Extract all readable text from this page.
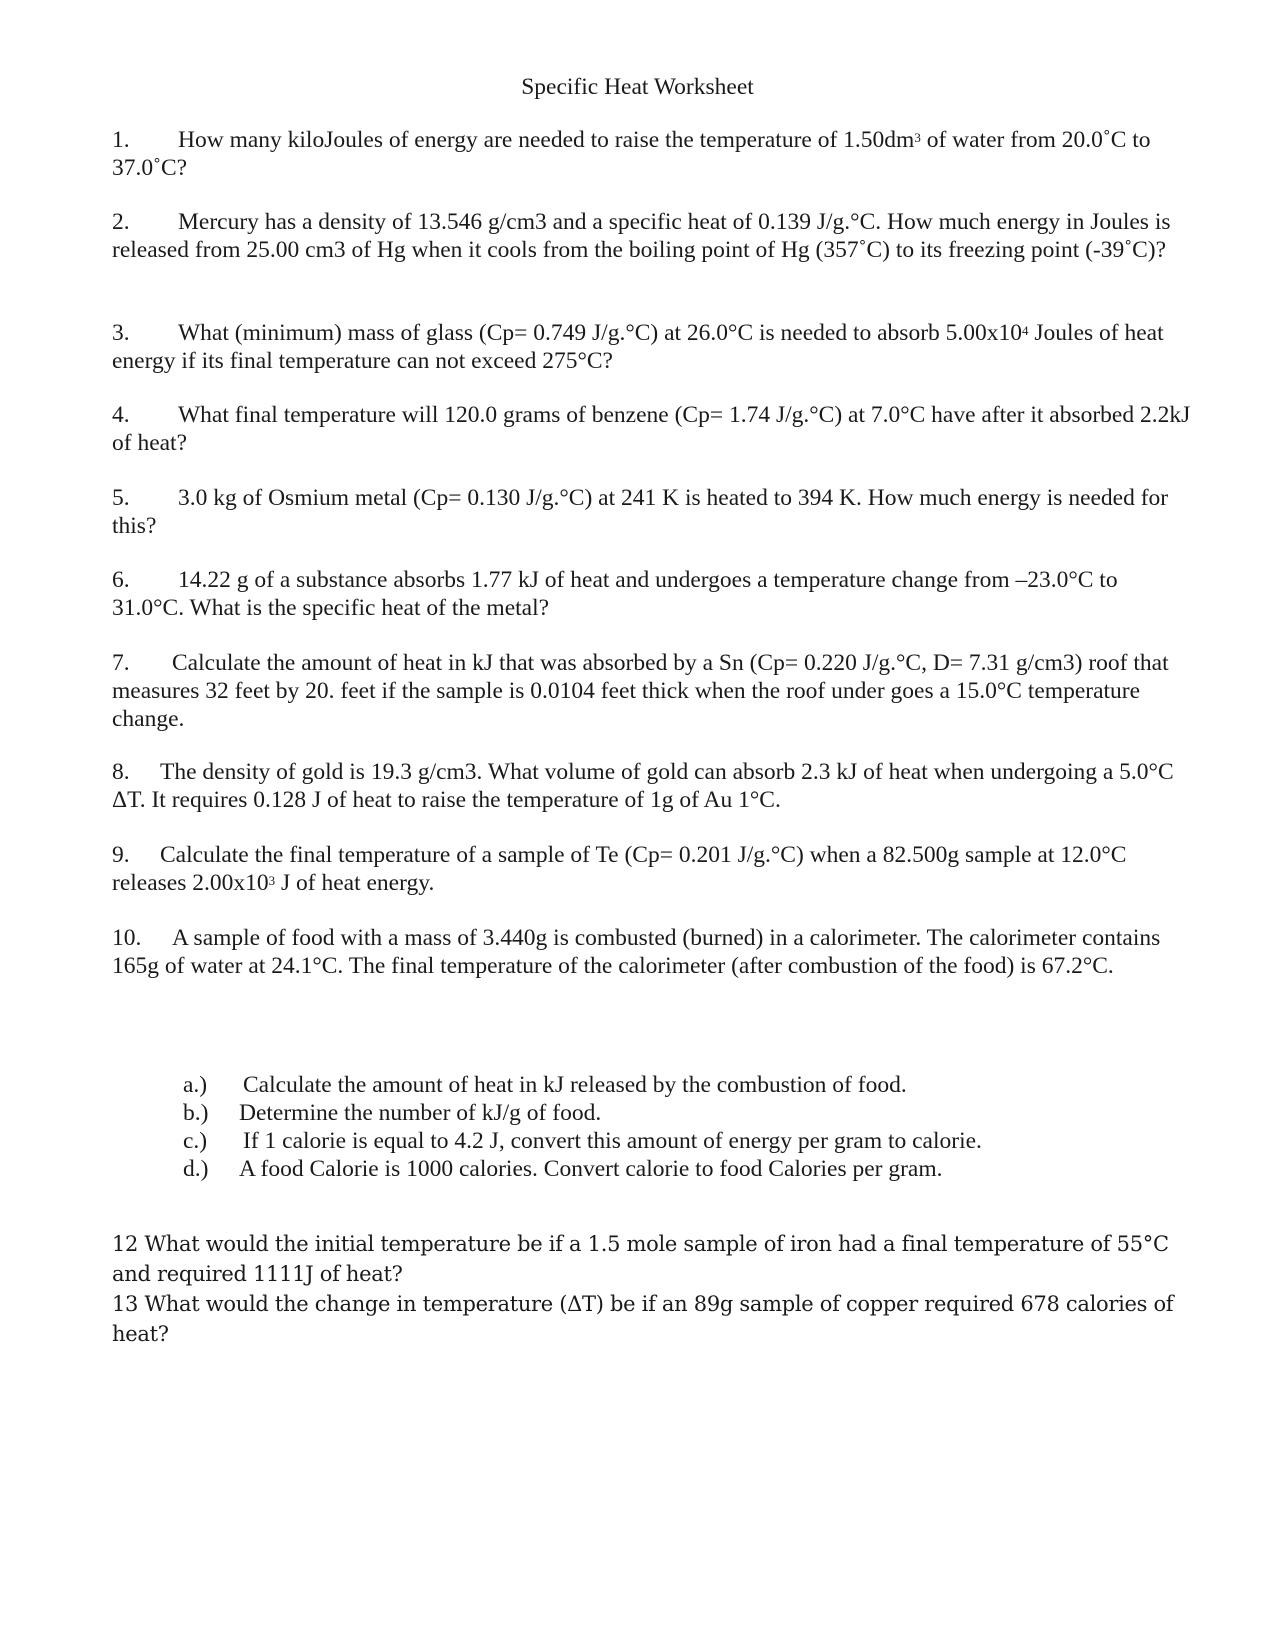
Specific Heat Worksheet

1. How many kiloJoules of energy are needed to raise the temperature of $1.50dm^3$ of water from 20.0˚C to 37.0˚C?

2. Mercury has a density of 13.546 g/cm3 and a specific heat of 0.139 J/g.°C. How much energy in Joules is released from 25.00 cm3 of Hg when it cools from the boiling point of Hg (357˚C) to its freezing point (-39˚C)?

3. What (minimum) mass of glass (Cp= 0.749 J/g.°C) at 26.0°C is needed to absorb $5.00x10^4$ Joules of heat energy if its final temperature can not exceed 275°C?

4. What final temperature will 120.0 grams of benzene (Cp= 1.74 J/g.°C) at 7.0°C have after it absorbed 2.2kJ of heat?

5. 3.0 kg of Osmium metal (Cp= 0.130 J/g.°C) at 241 K is heated to 394 K. How much energy is needed for this?

6. 14.22 g of a substance absorbs 1.77 kJ of heat and undergoes a temperature change from –23.0°C to 31.0°C. What is the specific heat of the metal?

7. Calculate the amount of heat in kJ that was absorbed by a Sn (Cp= 0.220 J/g.°C, D= 7.31 g/cm3) roof that measures 32 feet by 20. feet if the sample is 0.0104 feet thick when the roof under goes a 15.0°C temperature change.

8. The density of gold is 19.3 g/cm3. What volume of gold can absorb 2.3 kJ of heat when undergoing a 5.0°C ΔT. It requires 0.128 J of heat to raise the temperature of 1g of Au 1°C.

9. Calculate the final temperature of a sample of Te (Cp= 0.201 J/g.°C) when a 82.500g sample at 12.0°C releases $2.00x10^3$ J of heat energy.

10. A sample of food with a mass of 3.440g is combusted (burned) in a calorimeter. The calorimeter contains 165g of water at 24.1°C. The final temperature of the calorimeter (after combustion of the food) is 67.2°C.

a.)	Calculate the amount of heat in kJ released by the combustion of food.
b.)	Determine the number of kJ/g of food.
c.)	If 1 calorie is equal to 4.2 J, convert this amount of energy per gram to calorie.
d.)	A food Calorie is 1000 calories. Convert calorie to food Calories per gram.

12 What would the initial temperature be if a 1.5 mole sample of iron had a final temperature of 55°C and required 1111J of heat?

13 What would the change in temperature (ΔT) be if an 89g sample of copper required 678 calories of heat?
